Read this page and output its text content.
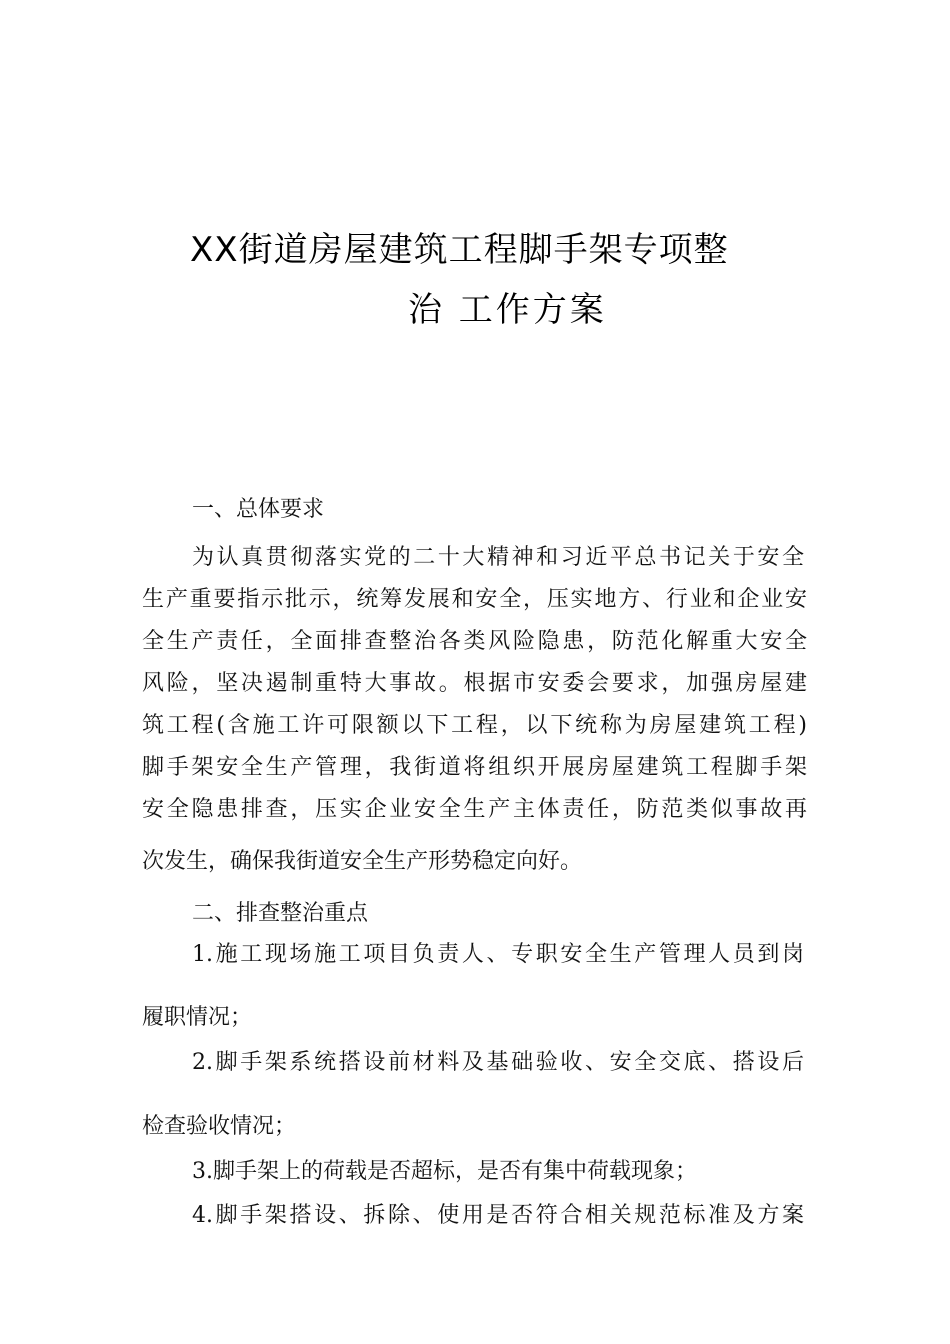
XX街道房屋建筑工程脚手架专项整
治 工作方案
一、总体要求
为认真贯彻落实党的二十大精神和习近平总书记关于安全
生产重要指示批示，统筹发展和安全，压实地方、行业和企业安
全生产责任，全面排查整治各类风险隐患，防范化解重大安全
风险，坚决遏制重特大事故。根据市安委会要求，加强房屋建
筑工程(含施工许可限额以下工程，以下统称为房屋建筑工程)
脚手架安全生产管理，我街道将组织开展房屋建筑工程脚手架
安全隐患排查，压实企业安全生产主体责任，防范类似事故再
次发生，确保我街道安全生产形势稳定向好。
二、排查整治重点
1.施工现场施工项目负责人、专职安全生产管理人员到岗
履职情况；
2.脚手架系统搭设前材料及基础验收、安全交底、搭设后
检查验收情况；
3.脚手架上的荷载是否超标，是否有集中荷载现象；
4.脚手架搭设、拆除、使用是否符合相关规范标准及方案
